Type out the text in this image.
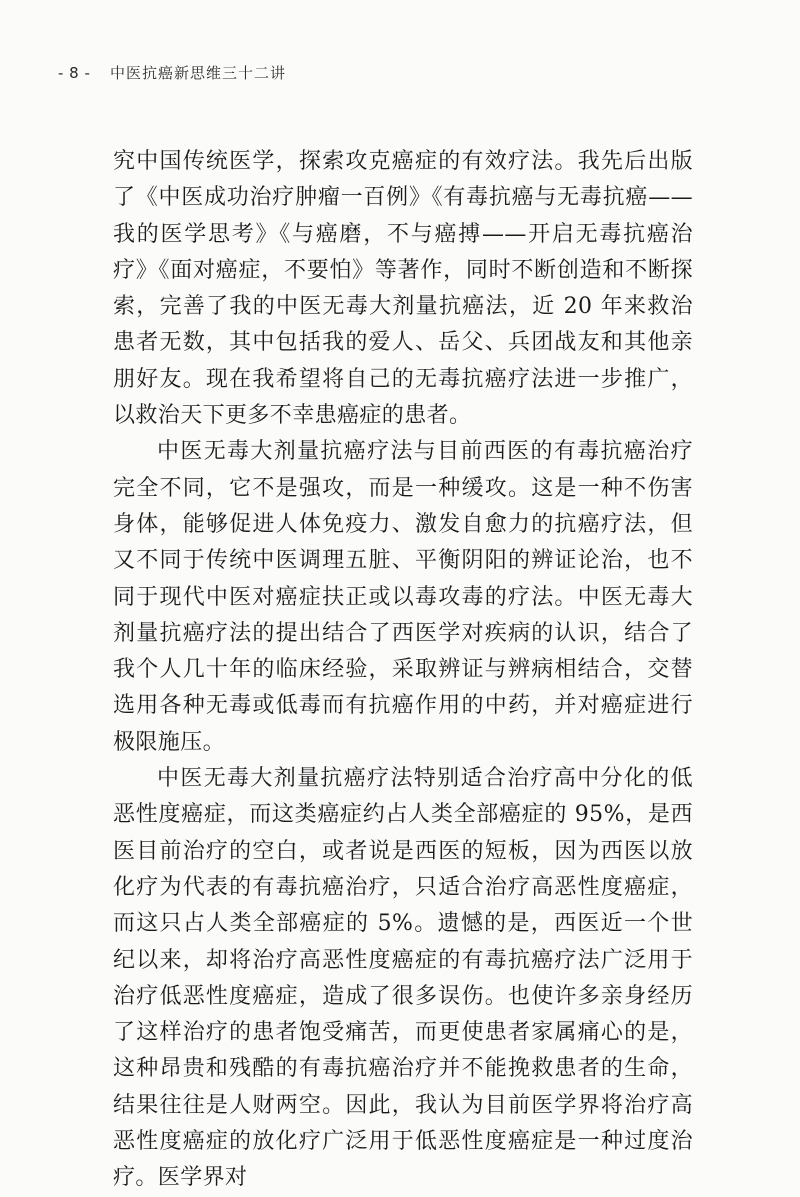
- 8 -	中医抗癌新思维三十二讲

究中国传统医学，探索攻克癌症的有效疗法。我先后出版了《中医成功治疗肿瘤一百例》《有毒抗癌与无毒抗癌——我的医学思考》《与癌磨，不与癌搏——开启无毒抗癌治疗》《面对癌症，不要怕》等著作，同时不断创造和不断探索，完善了我的中医无毒大剂量抗癌法，近 20 年来救治患者无数，其中包括我的爱人、岳父、兵团战友和其他亲朋好友。现在我希望将自己的无毒抗癌疗法进一步推广，以救治天下更多不幸患癌症的患者。

中医无毒大剂量抗癌疗法与目前西医的有毒抗癌治疗完全不同，它不是强攻，而是一种缓攻。这是一种不伤害身体，能够促进人体免疫力、激发自愈力的抗癌疗法，但又不同于传统中医调理五脏、平衡阴阳的辨证论治，也不同于现代中医对癌症扶正或以毒攻毒的疗法。中医无毒大剂量抗癌疗法的提出结合了西医学对疾病的认识，结合了我个人几十年的临床经验，采取辨证与辨病相结合，交替选用各种无毒或低毒而有抗癌作用的中药，并对癌症进行极限施压。

中医无毒大剂量抗癌疗法特别适合治疗高中分化的低恶性度癌症，而这类癌症约占人类全部癌症的 95%，是西医目前治疗的空白，或者说是西医的短板，因为西医以放化疗为代表的有毒抗癌治疗，只适合治疗高恶性度癌症，而这只占人类全部癌症的 5%。遗憾的是，西医近一个世纪以来，却将治疗高恶性度癌症的有毒抗癌疗法广泛用于治疗低恶性度癌症，造成了很多误伤。也使许多亲身经历了这样治疗的患者饱受痛苦，而更使患者家属痛心的是，这种昂贵和残酷的有毒抗癌治疗并不能挽救患者的生命，结果往往是人财两空。因此，我认为目前医学界将治疗高恶性度癌症的放化疗广泛用于低恶性度癌症是一种过度治疗。医学界对
